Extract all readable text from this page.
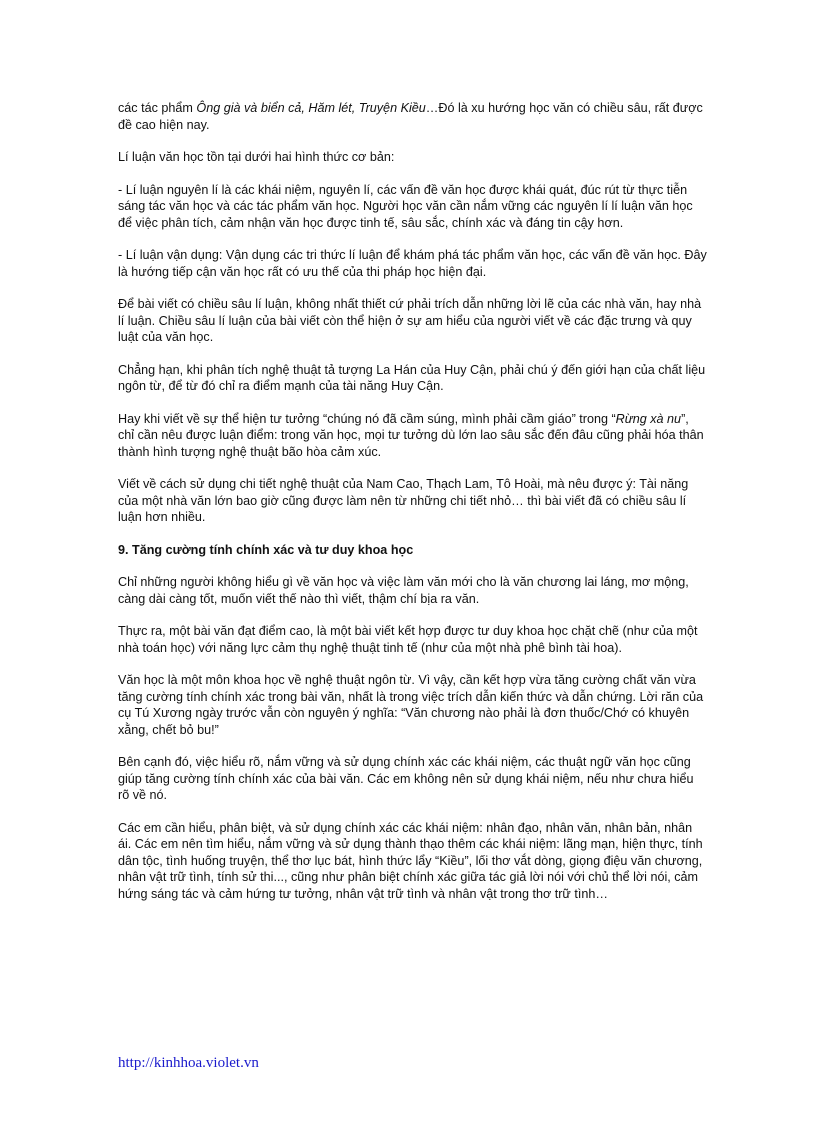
các tác phẩm Ông già và biển cả, Hăm lét, Truyện Kiều…Đó là xu hướng học văn có chiều sâu, rất được đề cao hiện nay.

Lí luận văn học tồn tại dưới hai hình thức cơ bản:

- Lí luận nguyên lí là các khái niệm, nguyên lí, các vấn đề văn học được khái quát, đúc rút từ thực tiễn sáng tác văn học và các tác phẩm văn học. Người học văn cần nắm vững các nguyên lí lí luận văn học để việc phân tích, cảm nhận văn học được tinh tế, sâu sắc, chính xác và đáng tin cậy hơn.

- Lí luận vận dụng: Vận dụng các tri thức lí luận để khám phá tác phẩm văn học, các vấn đề văn học. Đây là hướng tiếp cận văn học rất có ưu thế của thi pháp học hiện đại.

Để bài viết có chiều sâu lí luận, không nhất thiết cứ phải trích dẫn những lời lẽ của các nhà văn, hay nhà lí luận. Chiều sâu lí luận của bài viết còn thể hiện ở sự am hiểu của người viết về các đặc trưng và quy luật của văn học.

Chẳng hạn, khi phân tích nghệ thuật tả tượng La Hán của Huy Cận, phải chú ý đến giới hạn của chất liệu ngôn từ, để từ đó chỉ ra điểm mạnh của tài năng Huy Cận.

Hay khi viết về sự thể hiện tư tưởng “chúng nó đã cầm súng, mình phải cầm giáo” trong “Rừng xà nu”, chỉ cần nêu được luận điểm: trong văn học, mọi tư tưởng dù lớn lao sâu sắc đến đâu cũng phải hóa thân thành hình tượng nghệ thuật bão hòa cảm xúc.

Viết về cách sử dụng chi tiết nghệ thuật của Nam Cao, Thạch Lam, Tô Hoài, mà nêu được ý: Tài năng của một nhà văn lớn bao giờ cũng được làm nên từ những chi tiết nhỏ… thì bài viết đã có chiều sâu lí luận hơn nhiều.

9. Tăng cường tính chính xác và tư duy khoa học

Chỉ những người không hiểu gì về văn học và việc làm văn mới cho là văn chương lai láng, mơ mộng, càng dài càng tốt, muốn viết thế nào thì viết, thậm chí bịa ra văn.

Thực ra, một bài văn đạt điểm cao, là một bài viết kết hợp được tư duy khoa học chặt chẽ (như của một nhà toán học) với năng lực cảm thụ nghệ thuật tinh tế (như của một nhà phê bình tài hoa).

Văn học là một môn khoa học về nghệ thuật ngôn từ. Vì vậy, cần kết hợp vừa tăng cường chất văn vừa tăng cường tính chính xác trong bài văn, nhất là trong việc trích dẫn kiến thức và dẫn chứng. Lời răn của cụ Tú Xương ngày trước vẫn còn nguyên ý nghĩa: “Văn chương nào phải là đơn thuốc/Chớ có khuyên xằng, chết bỏ bu!”

Bên cạnh đó, việc hiểu rõ, nắm vững và sử dụng chính xác các khái niệm, các thuật ngữ văn học cũng giúp tăng cường tính chính xác của bài văn. Các em không nên sử dụng khái niệm, nếu như chưa hiểu rõ về nó.

Các em cần hiểu, phân biệt, và sử dụng chính xác các khái niệm: nhân đạo, nhân văn, nhân bản, nhân ái. Các em nên tìm hiểu, nắm vững và sử dụng thành thạo thêm các khái niệm: lãng mạn, hiện thực, tính dân tộc, tình huống truyện, thể thơ lục bát, hình thức lẩy “Kiều”, lối thơ vắt dòng, giọng điệu văn chương, nhân vật trữ tình, tính sử thi..., cũng như phân biệt chính xác giữa tác giả lời nói với chủ thể lời nói, cảm hứng sáng tác và cảm hứng tư tưởng, nhân vật trữ tình và nhân vật trong thơ trữ tình…

http://kinhhoa.violet.vn
